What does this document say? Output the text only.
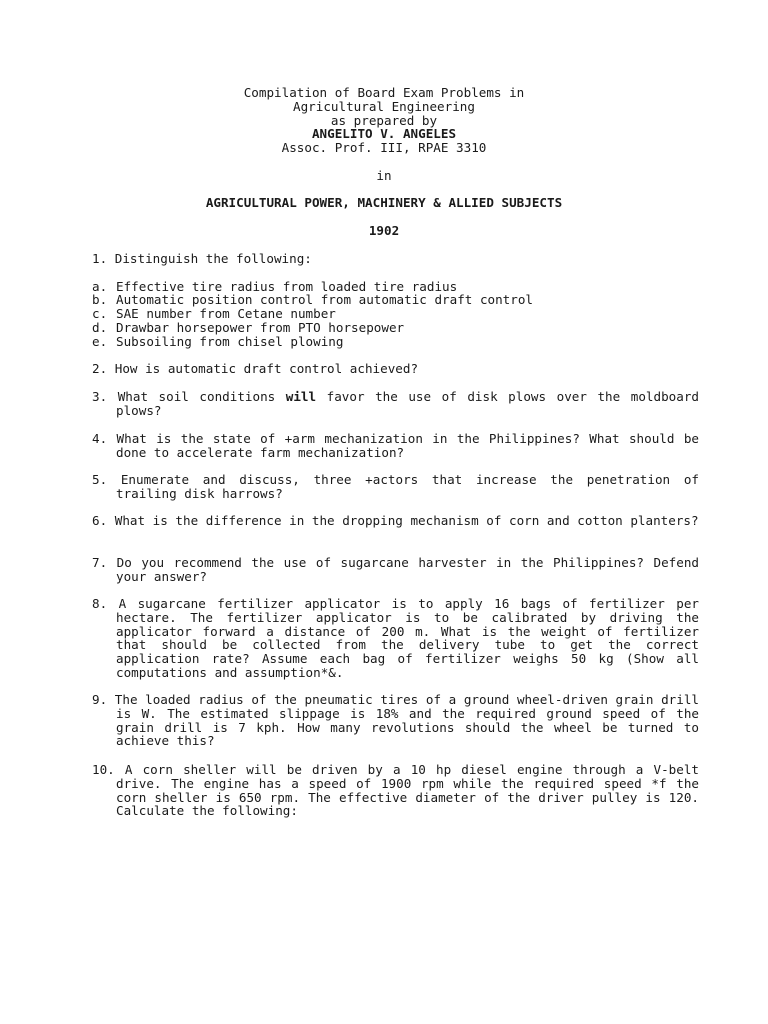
Compilation of Board Exam Problems in
Agricultural Engineering
as prepared by
ANGELITO V. ANGELES
Assoc. Prof. III, RPAE 3310

in

AGRICULTURAL POWER, MACHINERY & ALLIED SUBJECTS

1902
1. Distinguish the following:
a. Effective tire radius from loaded tire radius
b. Automatic position control from automatic draft control
c. SAE number from Cetane number
d. Drawbar horsepower from PTO horsepower
e. Subsoiling from chisel plowing
2. How is automatic draft control achieved?
3. What soil conditions will favor the use of disk plows over the moldboard plows?
4. What is the state of +arm mechanization in the Philippines? What should be done to accelerate farm mechanization?
5. Enumerate and discuss, three +actors that increase the penetration of trailing disk harrows?
6. What is the difference in the dropping mechanism of corn and cotton planters?
7. Do you recommend the use of sugarcane harvester in the Philippines? Defend your answer?
8. A sugarcane fertilizer applicator is to apply 16 bags of fertilizer per hectare. The fertilizer applicator is to be calibrated by driving the applicator forward a distance of 200 m. What is the weight of fertilizer that should be collected from the delivery tube to get the correct application rate? Assume each bag of fertilizer weighs 50 kg (Show all computations and assumption*&.
9. The loaded radius of the pneumatic tires of a ground wheel-driven grain drill is W. The estimated slippage is 18% and the required ground speed of the grain drill is 7 kph. How many revolutions should the wheel be turned to achieve this?
10. A corn sheller will be driven by a 10 hp diesel engine through a V-belt drive. The engine has a speed of 1900 rpm while the required speed *f the corn sheller is 650 rpm. The effective diameter of the driver pulley is 120. Calculate the following:
